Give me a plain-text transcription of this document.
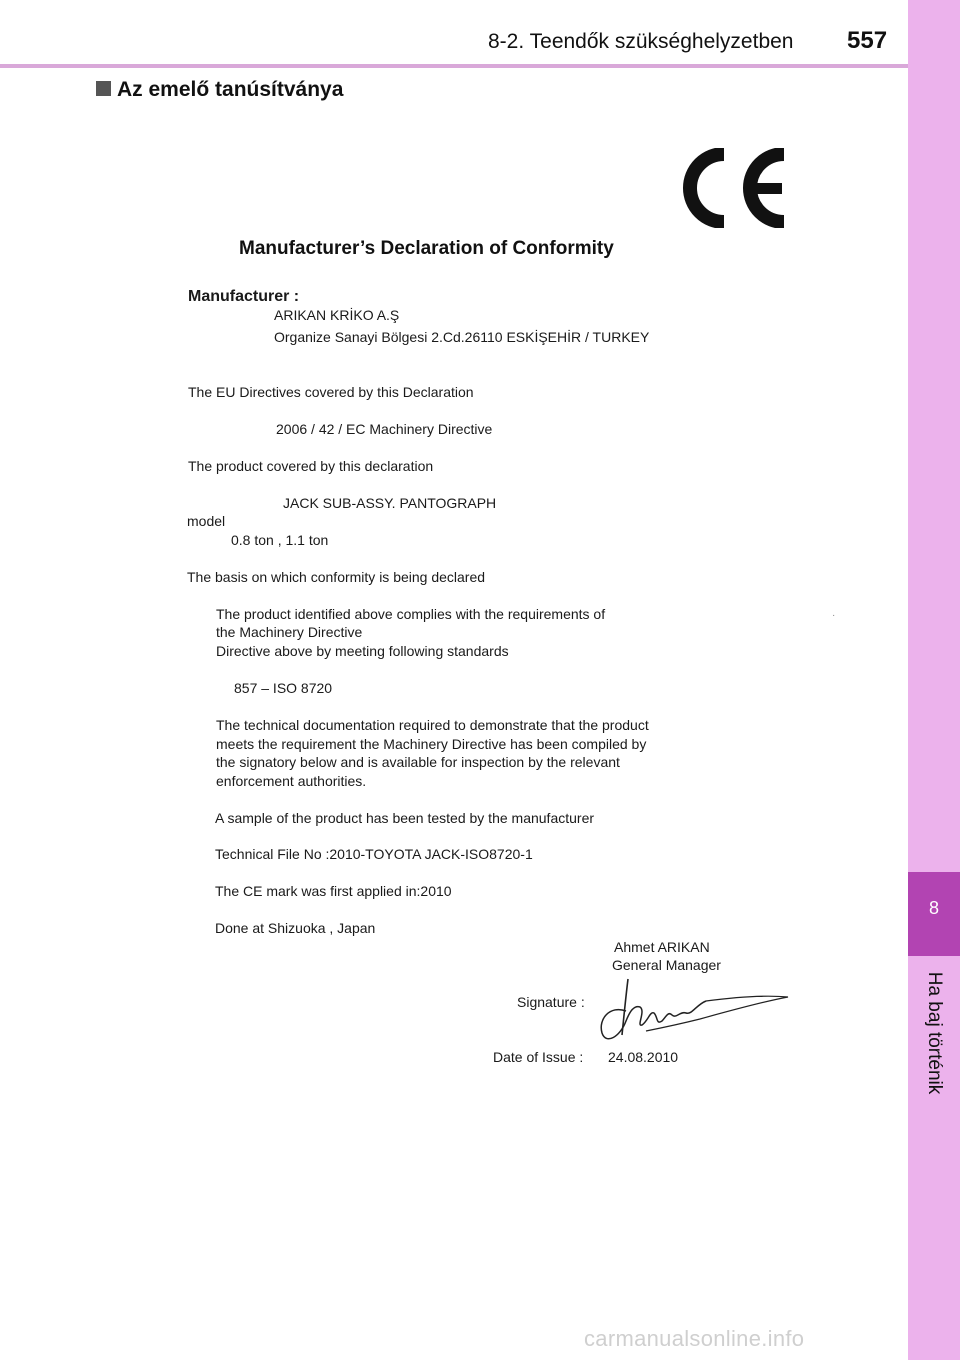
8-2. Teendők szükséghelyzetben 557
8
Ha baj történik
Az emelő tanúsítványa
Manufacturer’s Declaration of Conformity
Manufacturer :
ARIKAN KRİKO A.Ş
Organize Sanayi Bölgesi 2.Cd.26110 ESKİŞEHİR / TURKEY
The EU Directives covered by this Declaration
2006 / 42 / EC Machinery Directive
The product covered by this declaration
JACK SUB-ASSY. PANTOGRAPH
model
0.8 ton , 1.1 ton
The basis on which conformity is being declared
The product identified above complies with the requirements of
the Machinery Directive
Directive above by meeting following standards
·
857 – ISO 8720
The technical documentation required to demonstrate that the product
meets the requirement the Machinery Directive has been compiled by
the signatory below and is available for inspection by the relevant
enforcement authorities.
A sample of the product has been tested by the manufacturer
Technical File No :2010-TOYOTA JACK-ISO8720-1
The CE mark was first applied in:2010
Done at Shizuoka , Japan
Ahmet ARIKAN
General Manager
Signature :
Date of Issue : 24.08.2010
carmanualsonline.info
